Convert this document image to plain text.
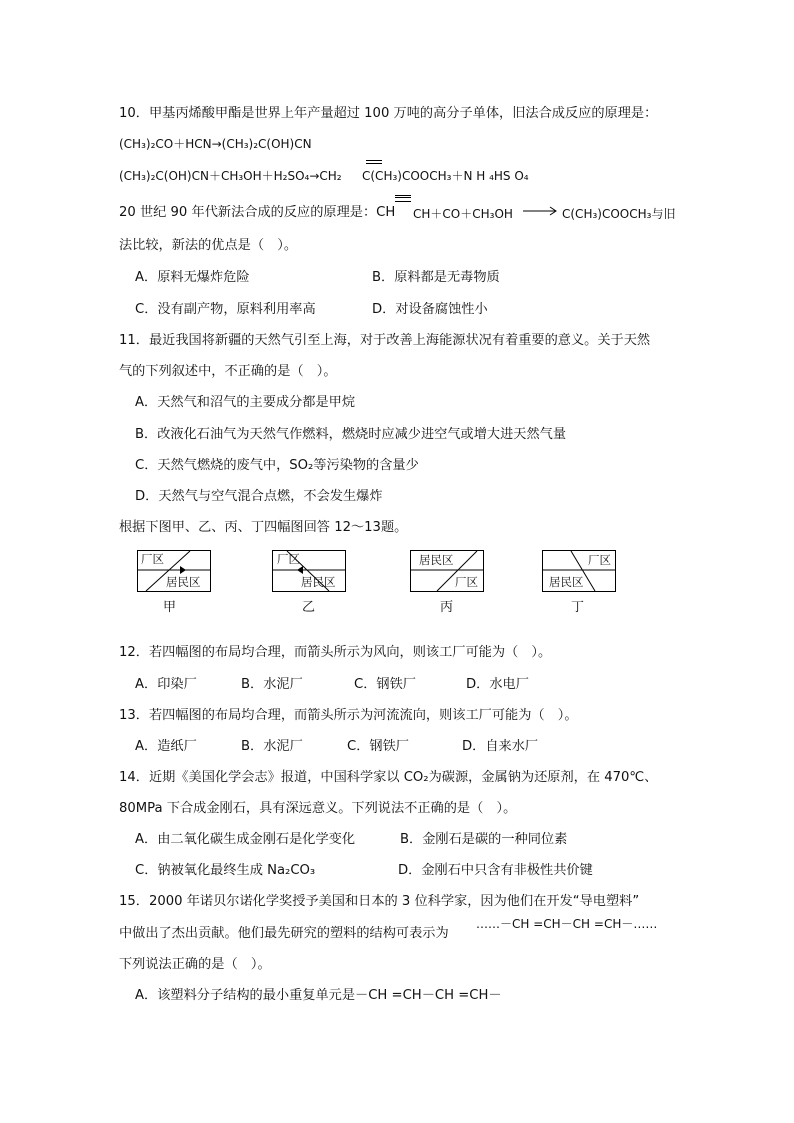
10．甲基丙烯酸甲酯是世界上年产量超过 100 万吨的高分子单体，旧法合成反应的原理是：
(CH₃)₂CO＋HCN→(CH₃)₂C(OH)CN
(CH₃)₂C(OH)CN＋CH₃OH＋H₂SO₄→CH₂ C(CH₃)COOCH₃＋N H ₄HS O₄
20 世纪 90 年代新法合成的反应的原理是：CH CH＋CO＋CH₃OH → C(CH₃)COOCH₃与旧
法比较，新法的优点是（　）。
A．原料无爆炸危险	B．原料都是无毒物质
C．没有副产物，原料利用率高	D．对设备腐蚀性小
11．最近我国将新疆的天然气引至上海，对于改善上海能源状况有着重要的意义。关于天然
气的下列叙述中，不正确的是（　）。
A．天然气和沼气的主要成分都是甲烷
B．改液化石油气为天然气作燃料，燃烧时应减少进空气或增大进天然气量
C．天然气燃烧的废气中，SO₂等污染物的含量少
D．天然气与空气混合点燃，不会发生爆炸
根据下图甲、乙、丙、丁四幅图回答 12～13题。
厂区
居民区
甲
厂区
居民区
乙
居民区
厂区
丙
厂区
居民区
丁
12．若四幅图的布局均合理，而箭头所示为风向，则该工厂可能为（　）。
A．印染厂	B．水泥厂	C．钢铁厂	D．水电厂
13．若四幅图的布局均合理，而箭头所示为河流流向，则该工厂可能为（　）。
A．造纸厂	B．水泥厂	C．钢铁厂	D．自来水厂
14．近期《美国化学会志》报道，中国科学家以 CO₂为碳源，金属钠为还原剂，在 470℃、
80MPa 下合成金刚石，具有深远意义。下列说法不正确的是（　）。
A．由二氧化碳生成金刚石是化学变化	B．金刚石是碳的一种同位素
C．钠被氧化最终生成 Na₂CO₃	D．金刚石中只含有非极性共价键
15．2000 年诺贝尔诺化学奖授予美国和日本的 3 位科学家，因为他们在开发“导电塑料”
中做出了杰出贡献。他们最先研究的塑料的结构可表示为
……－CH =CH－CH =CH－……
下列说法正确的是（　）。
A．该塑料分子结构的最小重复单元是－CH =CH－CH =CH－
